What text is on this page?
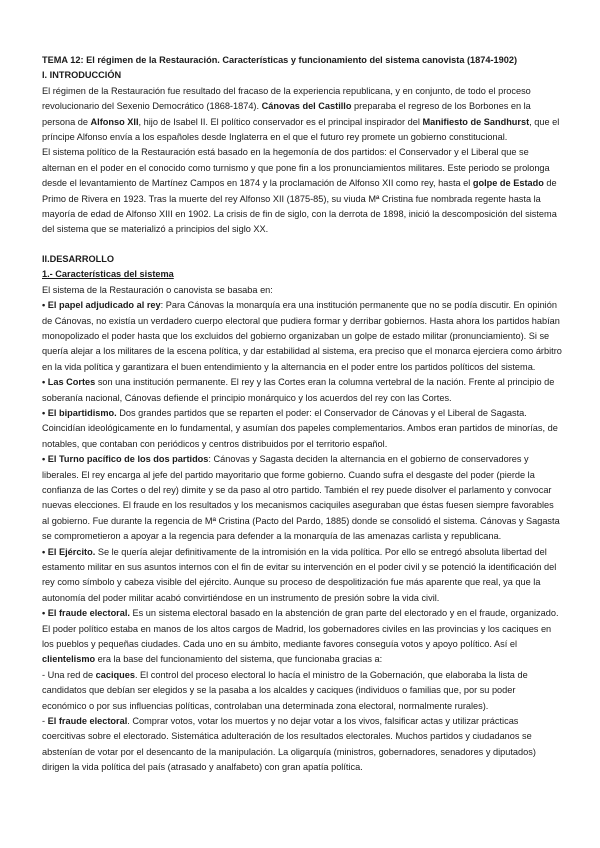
TEMA 12: El régimen de la Restauración. Características y funcionamiento del sistema canovista (1874-1902)

I. INTRODUCCIÓN

El régimen de la Restauración fue resultado del fracaso de la experiencia republicana, y en conjunto, de todo el proceso revolucionario del Sexenio Democrático (1868-1874). Cánovas del Castillo preparaba el regreso de los Borbones en la persona de Alfonso XII, hijo de Isabel II. El político conservador es el principal inspirador del Manifiesto de Sandhurst, que el príncipe Alfonso envía a los españoles desde Inglaterra en el que el futuro rey promete un gobierno constitucional.

El sistema político de la Restauración está basado en la hegemonía de dos partidos: el Conservador y el Liberal que se alternan en el poder en el conocido como turnismo y que pone fin a los pronunciamientos militares. Este periodo se prolonga desde el levantamiento de Martínez Campos en 1874 y la proclamación de Alfonso XII como rey, hasta el golpe de Estado de Primo de Rivera en 1923. Tras la muerte del rey Alfonso XII (1875-85), su viuda Mª Cristina fue nombrada regente hasta la mayoría de edad de Alfonso XIII en 1902. La crisis de fin de siglo, con la derrota de 1898, inició la descomposición del sistema del sistema que se materializó a principios del siglo XX.

II.DESARROLLO

1.- Características del sistema

El sistema de la Restauración o canovista se basaba en:

• El papel adjudicado al rey: Para Cánovas la monarquía era una institución permanente que no se podía discutir. En opinión de Cánovas, no existía un verdadero cuerpo electoral que pudiera formar y derribar gobiernos. Hasta ahora los partidos habían monopolizado el poder hasta que los excluidos del gobierno organizaban un golpe de estado militar (pronunciamiento). Si se quería alejar a los militares de la escena política, y dar estabilidad al sistema, era preciso que el monarca ejerciera como árbitro en la vida política y garantizara el buen entendimiento y la alternancia en el poder entre los partidos políticos del sistema.

• Las Cortes son una institución permanente. El rey y las Cortes eran la columna vertebral de la nación. Frente al principio de soberanía nacional, Cánovas defiende el principio monárquico y los acuerdos del rey con las Cortes.

• El bipartidismo. Dos grandes partidos que se reparten el poder: el Conservador de Cánovas y el Liberal de Sagasta. Coincidían ideológicamente en lo fundamental, y asumían dos papeles complementarios. Ambos eran partidos de minorías, de notables, que contaban con periódicos y centros distribuidos por el territorio español.

• El Turno pacífico de los dos partidos: Cánovas y Sagasta deciden la alternancia en el gobierno de conservadores y liberales. El rey encarga al jefe del partido mayoritario que forme gobierno. Cuando sufra el desgaste del poder (pierde la confianza de las Cortes o del rey) dimite y se da paso al otro partido. También el rey puede disolver el parlamento y convocar nuevas elecciones. El fraude en los resultados y los mecanismos caciquiles aseguraban que éstas fuesen siempre favorables al gobierno. Fue durante la regencia de Mª Cristina (Pacto del Pardo, 1885) donde se consolidó el sistema. Cánovas y Sagasta se comprometieron a apoyar a la regencia para defender a la monarquía de las amenazas carlista y republicana.

• El Ejército. Se le quería alejar definitivamente de la intromisión en la vida política. Por ello se entregó absoluta libertad del estamento militar en sus asuntos internos con el fin de evitar su intervención en el poder civil y se potenció la identificación del rey como símbolo y cabeza visible del ejército. Aunque su proceso de despolitización fue más aparente que real, ya que la autonomía del poder militar acabó convirtiéndose en un instrumento de presión sobre la vida civil.

• El fraude electoral. Es un sistema electoral basado en la abstención de gran parte del electorado y en el fraude, organizado. El poder político estaba en manos de los altos cargos de Madrid, los gobernadores civiles en las provincias y los caciques en los pueblos y pequeñas ciudades. Cada uno en su ámbito, mediante favores conseguía votos y apoyo político. Así el clientelismo era la base del funcionamiento del sistema, que funcionaba gracias a:

- Una red de caciques. El control del proceso electoral lo hacía el ministro de la Gobernación, que elaboraba la lista de candidatos que debían ser elegidos y se la pasaba a los alcaldes y caciques (individuos o familias que, por su poder económico o por sus influencias políticas, controlaban una determinada zona electoral, normalmente rurales).

- El fraude electoral. Comprar votos, votar los muertos y no dejar votar a los vivos, falsificar actas y utilizar prácticas coercitivas sobre el electorado. Sistemática adulteración de los resultados electorales. Muchos partidos y ciudadanos se abstenían de votar por el desencanto de la manipulación. La oligarquía (ministros, gobernadores, senadores y diputados) dirigen la vida política del país (atrasado y analfabeto) con gran apatía política.
